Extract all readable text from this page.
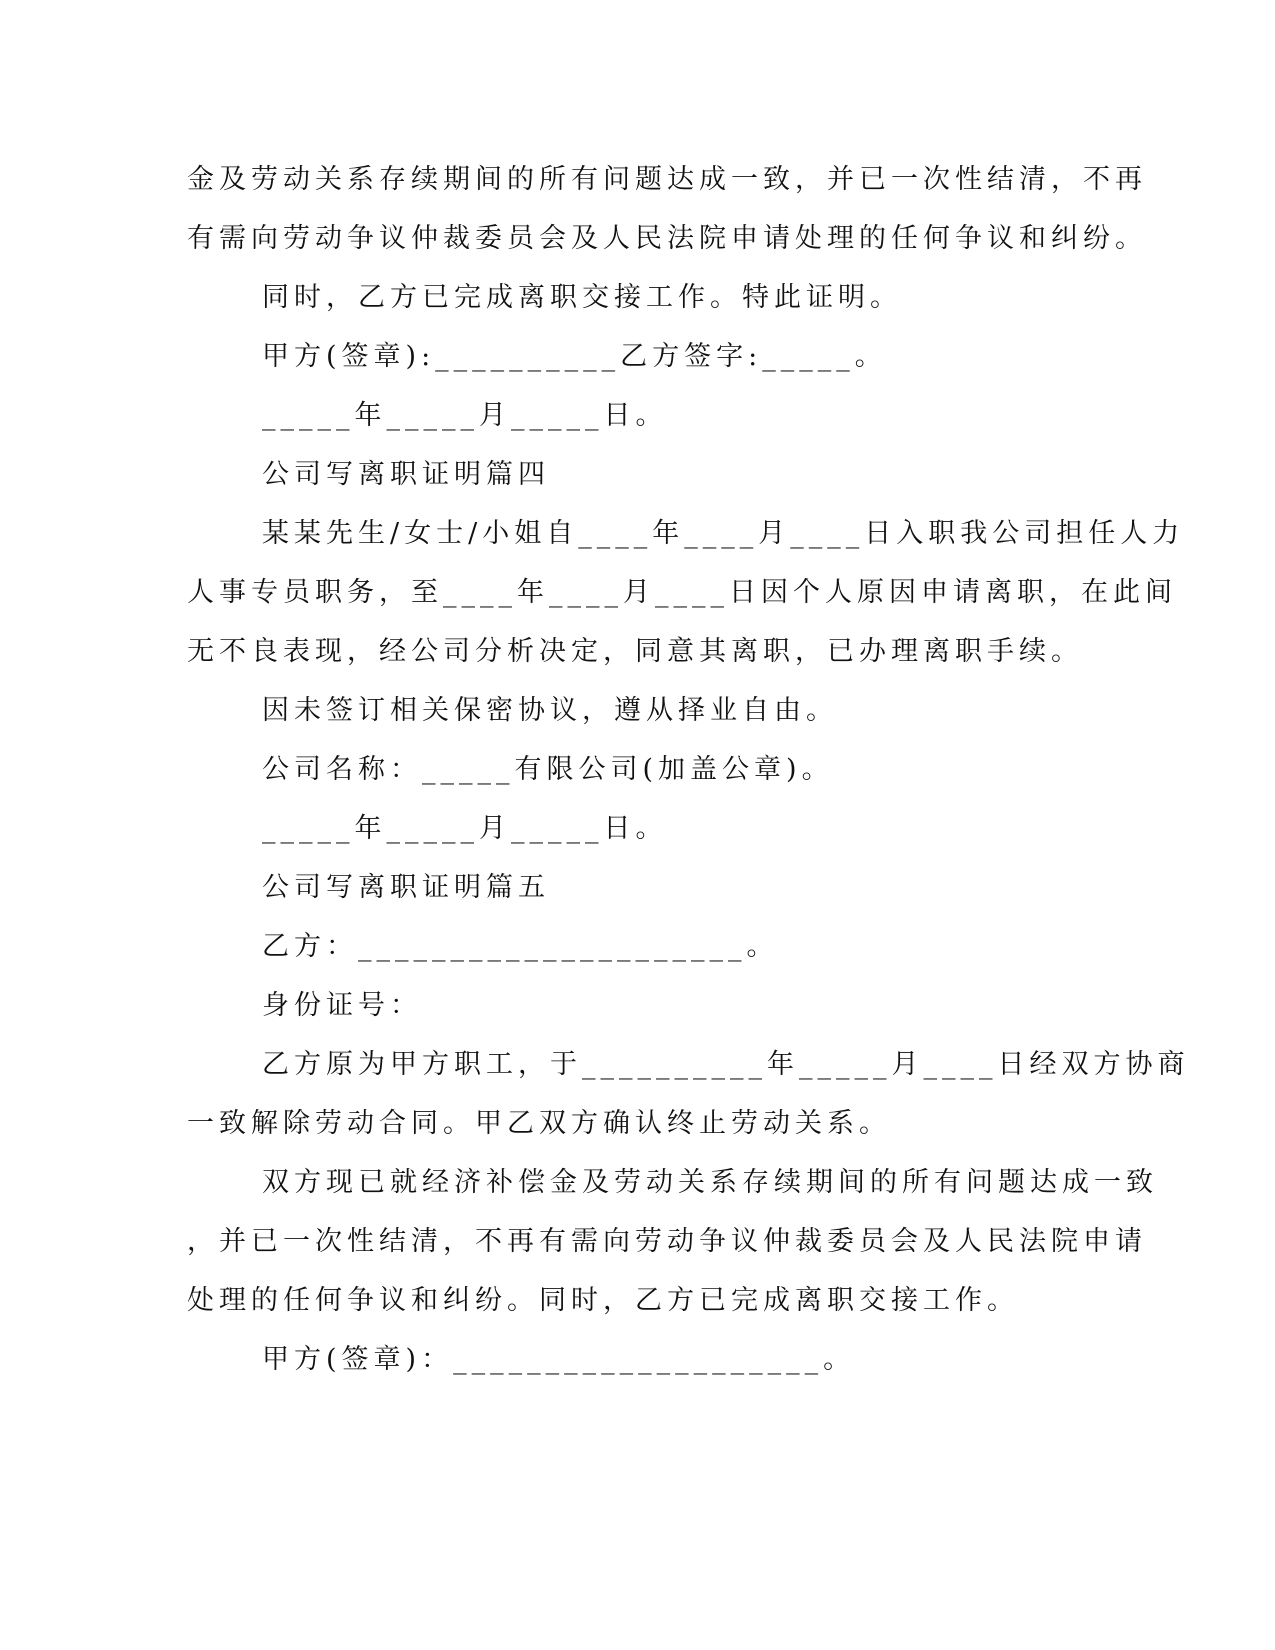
金及劳动关系存续期间的所有问题达成一致，并已一次性结清，不再
有需向劳动争议仲裁委员会及人民法院申请处理的任何争议和纠纷。
同时，乙方已完成离职交接工作。特此证明。
甲方(签章):__________乙方签字:_____。
_____年_____月_____日。
公司写离职证明篇四
某某先生/女士/小姐自____年____月____日入职我公司担任人力
人事专员职务，至____年____月____日因个人原因申请离职，在此间
无不良表现，经公司分析决定，同意其离职，已办理离职手续。
因未签订相关保密协议，遵从择业自由。
公司名称：_____有限公司(加盖公章)。
_____年_____月_____日。
公司写离职证明篇五
乙方：_____________________。
身份证号：
乙方原为甲方职工，于__________年_____月____日经双方协商
一致解除劳动合同。甲乙双方确认终止劳动关系。
双方现已就经济补偿金及劳动关系存续期间的所有问题达成一致
，并已一次性结清，不再有需向劳动争议仲裁委员会及人民法院申请
处理的任何争议和纠纷。同时，乙方已完成离职交接工作。
甲方(签章)：____________________。
